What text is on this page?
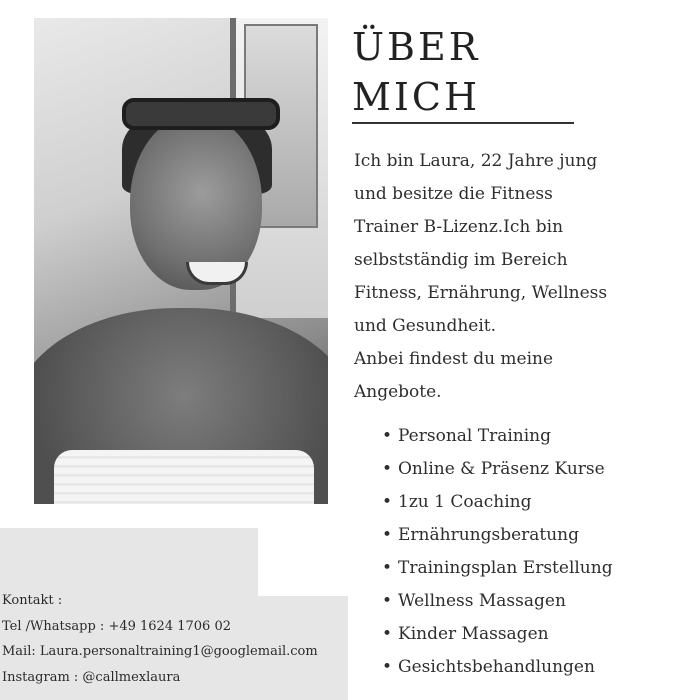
ÜBER
MICH
Ich bin Laura, 22 Jahre jung
und besitze die Fitness
Trainer B-Lizenz.Ich bin
selbstständig im Bereich
Fitness, Ernährung, Wellness
und Gesundheit.
Anbei findest du meine
Angebote.
• Personal Training
• Online & Präsenz Kurse
• 1zu 1 Coaching
• Ernährungsberatung
• Trainingsplan Erstellung
• Wellness Massagen
• Kinder Massagen
• Gesichtsbehandlungen
Kontakt :
Tel /Whatsapp : +49 1624 1706 02
Mail: Laura.personaltraining1@googlemail.com
Instagram : @callmexlaura
